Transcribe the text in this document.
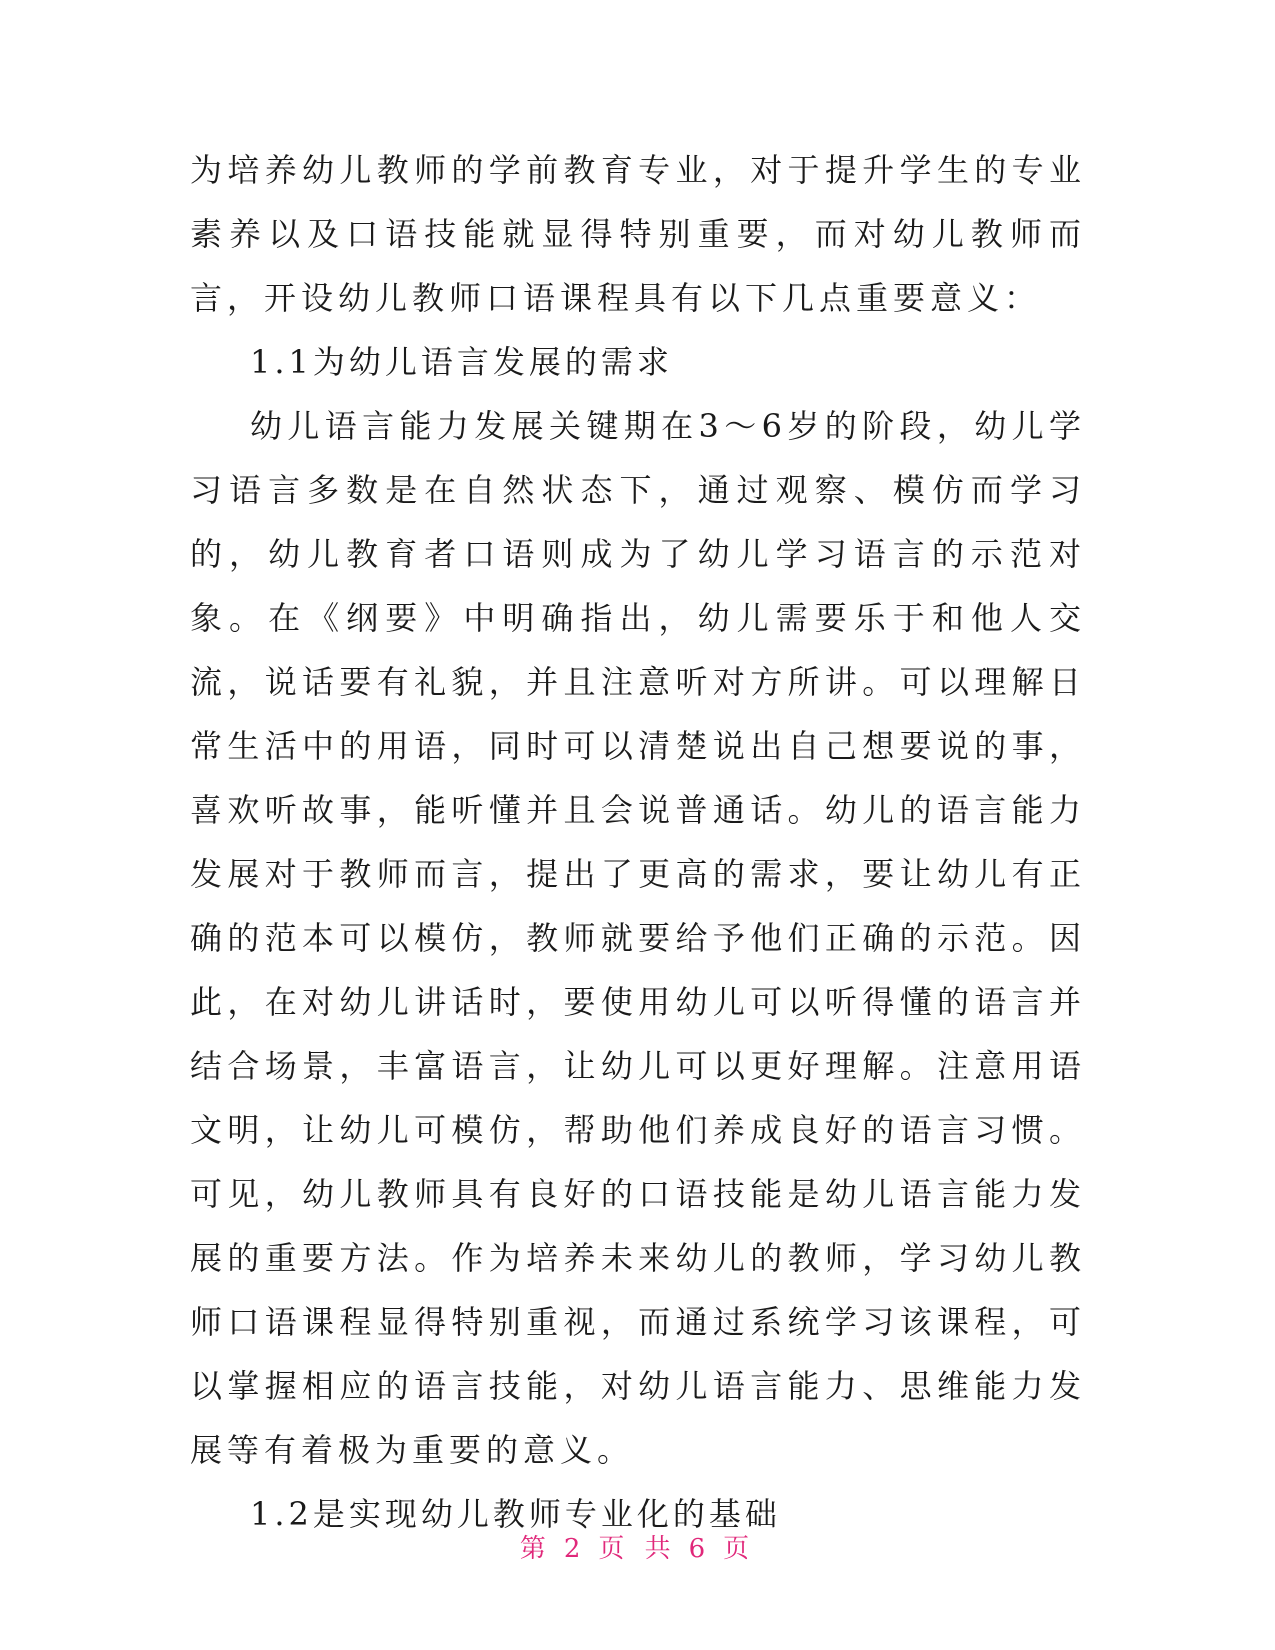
为培养幼儿教师的学前教育专业，对于提升学生的专业素养以及口语技能就显得特别重要，而对幼儿教师而言，开设幼儿教师口语课程具有以下几点重要意义：

1.1为幼儿语言发展的需求

幼儿语言能力发展关键期在3～6岁的阶段，幼儿学习语言多数是在自然状态下，通过观察、模仿而学习的，幼儿教育者口语则成为了幼儿学习语言的示范对象。在《纲要》中明确指出，幼儿需要乐于和他人交流，说话要有礼貌，并且注意听对方所讲。可以理解日常生活中的用语，同时可以清楚说出自己想要说的事，喜欢听故事，能听懂并且会说普通话。幼儿的语言能力发展对于教师而言，提出了更高的需求，要让幼儿有正确的范本可以模仿，教师就要给予他们正确的示范。因此，在对幼儿讲话时，要使用幼儿可以听得懂的语言并结合场景，丰富语言，让幼儿可以更好理解。注意用语文明，让幼儿可模仿，帮助他们养成良好的语言习惯。可见，幼儿教师具有良好的口语技能是幼儿语言能力发展的重要方法。作为培养未来幼儿的教师，学习幼儿教师口语课程显得特别重视，而通过系统学习该课程，可以掌握相应的语言技能，对幼儿语言能力、思维能力发展等有着极为重要的意义。

1.2是实现幼儿教师专业化的基础

第 2 页 共 6 页
